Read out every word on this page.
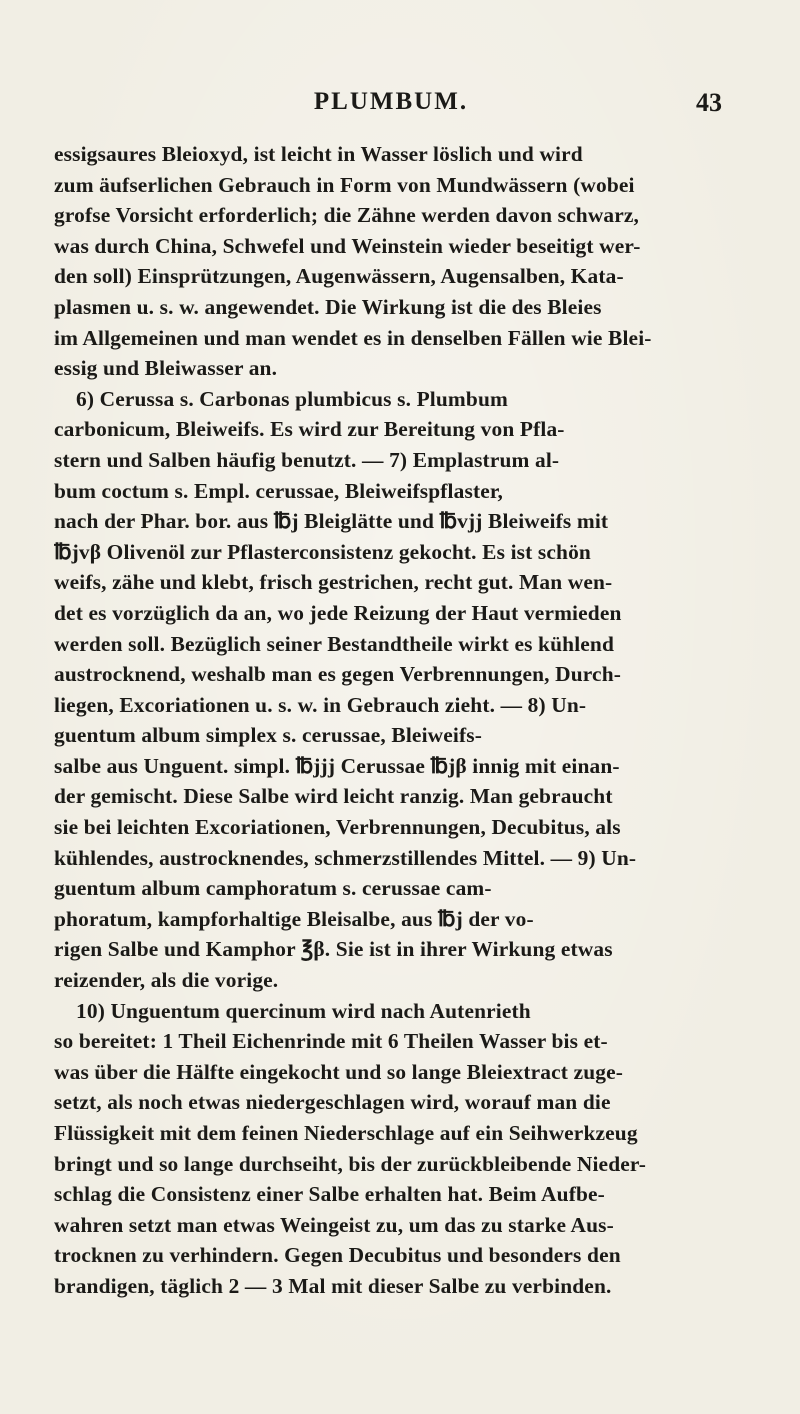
PLUMBUM.	43
essigsaures Bleioxyd, ist leicht in Wasser löslich und wird
zum äufserlichen Gebrauch in Form von Mundwässern (wobei
grofse Vorsicht erforderlich; die Zähne werden davon schwarz,
was durch China, Schwefel und Weinstein wieder beseitigt wer-
den soll) Einsprützungen, Augenwässern, Augensalben, Kata-
plasmen u. s. w. angewendet. Die Wirkung ist die des Bleies
im Allgemeinen und man wendet es in denselben Fällen wie Blei-
essig und Bleiwasser an.
6) Cerussa s. Carbonas plumbicus s. Plumbum
carbonicum, Bleiweifs. Es wird zur Bereitung von Pfla-
stern und Salben häufig benutzt. — 7) Emplastrum al-
bum coctum s. Empl. cerussae, Bleiweifspflaster,
nach der Phar. bor. aus ℔j Bleiglätte und ℔vjj Bleiweifs mit
℔jvβ Olivenöl zur Pflasterconsistenz gekocht. Es ist schön
weifs, zähe und klebt, frisch gestrichen, recht gut. Man wen-
det es vorzüglich da an, wo jede Reizung der Haut vermieden
werden soll. Bezüglich seiner Bestandtheile wirkt es kühlend
austrocknend, weshalb man es gegen Verbrennungen, Durch-
liegen, Excoriationen u. s. w. in Gebrauch zieht. — 8) Un-
guentum album simplex s. cerussae, Bleiweifs-
salbe aus Unguent. simpl. ℔jjj Cerussae ℔jβ innig mit einan-
der gemischt. Diese Salbe wird leicht ranzig. Man gebraucht
sie bei leichten Excoriationen, Verbrennungen, Decubitus, als
kühlendes, austrocknendes, schmerzstillendes Mittel. — 9) Un-
guentum album camphoratum s. cerussae cam-
phoratum, kampforhaltige Bleisalbe, aus ℔j der vo-
rigen Salbe und Kamphor ℥β. Sie ist in ihrer Wirkung etwas
reizender, als die vorige.
10) Unguentum quercinum wird nach Autenrieth
so bereitet: 1 Theil Eichenrinde mit 6 Theilen Wasser bis et-
was über die Hälfte eingekocht und so lange Bleiextract zuge-
setzt, als noch etwas niedergeschlagen wird, worauf man die
Flüssigkeit mit dem feinen Niederschlage auf ein Seihwerkzeug
bringt und so lange durchseiht, bis der zurückbleibende Nieder-
schlag die Consistenz einer Salbe erhalten hat. Beim Aufbe-
wahren setzt man etwas Weingeist zu, um das zu starke Aus-
trocknen zu verhindern. Gegen Decubitus und besonders den
brandigen, täglich 2 — 3 Mal mit dieser Salbe zu verbinden.
